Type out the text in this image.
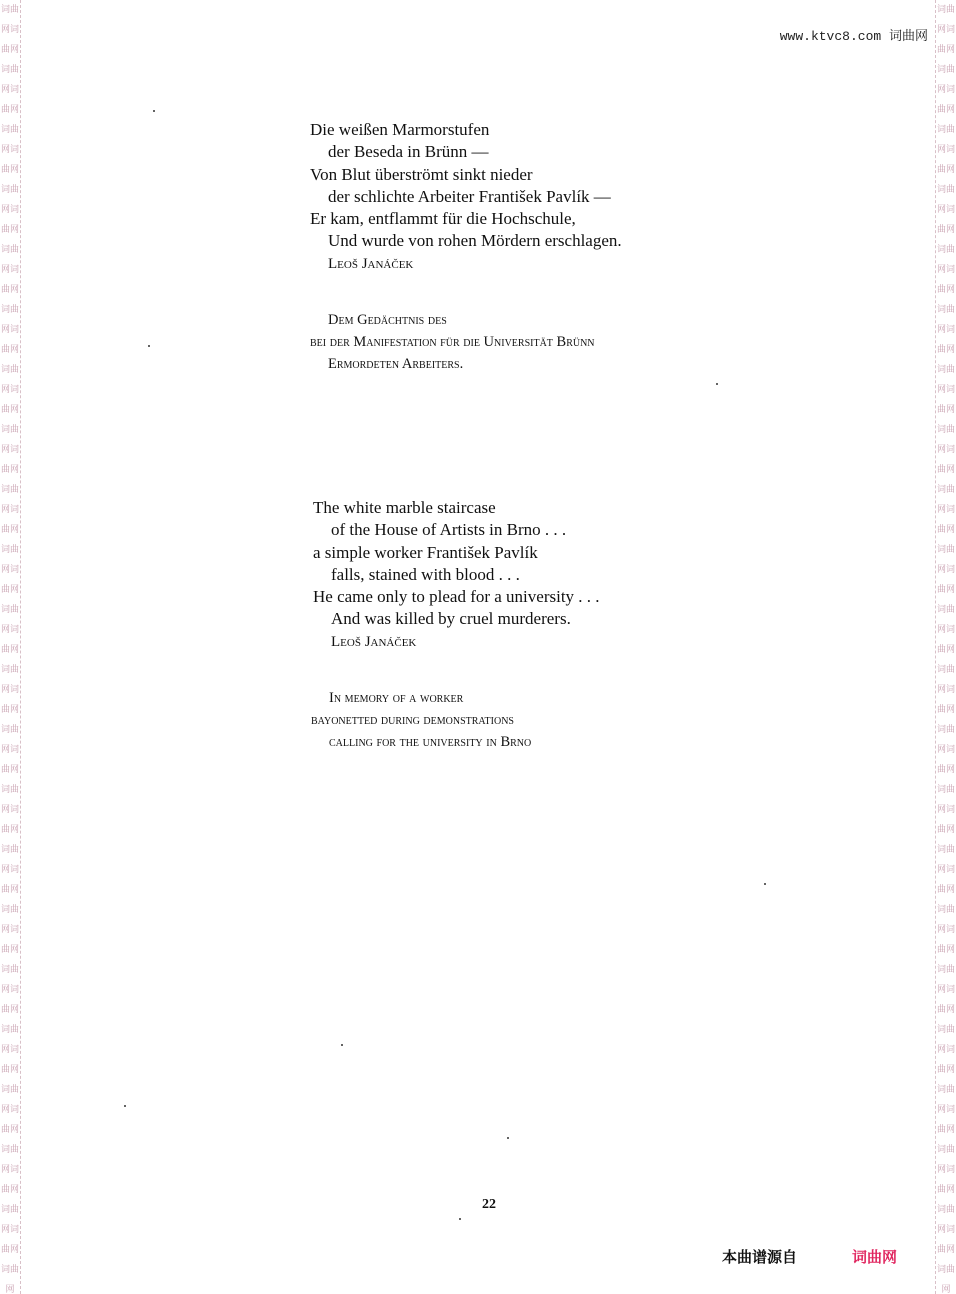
词曲网词曲网词曲网词曲网词曲网词曲网词曲网词曲网词曲网词曲网词曲网词曲网词曲网词曲网词曲网词曲网词曲网词曲网词曲网词曲网词曲网词曲网词曲网词曲网词曲网词曲网词曲网词曲网词曲网词曲网词曲网词曲网词曲网词曲网词曲网词曲网词曲网词曲网词曲网词曲网词曲网词曲网词曲网
词曲网词曲网词曲网词曲网词曲网词曲网词曲网词曲网词曲网词曲网词曲网词曲网词曲网词曲网词曲网词曲网词曲网词曲网词曲网词曲网词曲网词曲网词曲网词曲网词曲网词曲网词曲网词曲网词曲网词曲网词曲网词曲网词曲网词曲网词曲网词曲网词曲网词曲网词曲网词曲网词曲网词曲网词曲网
www.ktvc8.com 词曲网
Die weißen Marmorstufen
der Beseda in Brünn —
Von Blut überströmt sinkt nieder
der schlichte Arbeiter František Pavlík —
Er kam, entflammt für die Hochschule,
Und wurde von rohen Mördern erschlagen.
Leoš Janáček
Dem Gedächtnis des
bei der Manifestation für die Universität Brünn
Ermordeten Arbeiters.
The white marble staircase
of the House of Artists in Brno . . .
a simple worker František Pavlík
falls, stained with blood . . .
He came only to plead for a university . . .
And was killed by cruel murderers.
Leoš Janáček
In memory of a worker
bayonetted during demonstrations
calling for the university in Brno
22
本曲谱源自	词曲网
